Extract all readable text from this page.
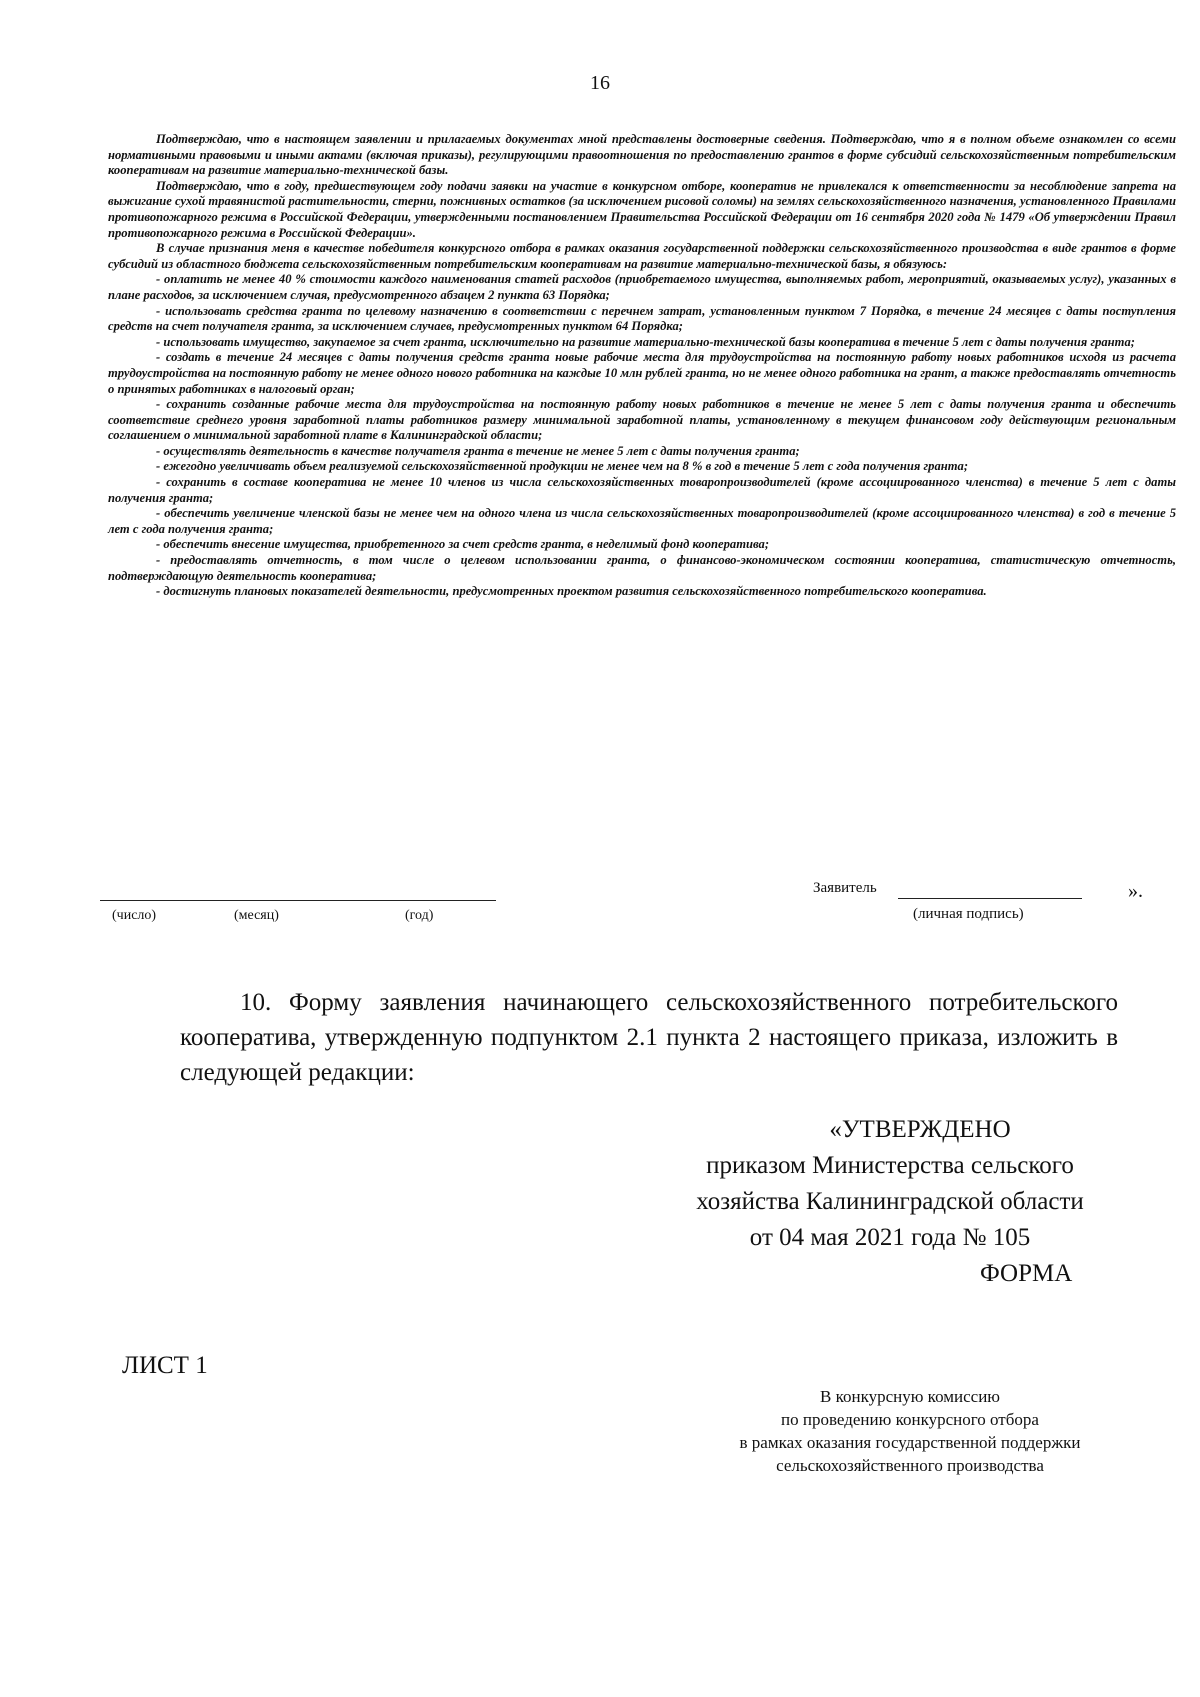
16

Подтверждаю, что в настоящем заявлении и прилагаемых документах мной представлены достоверные сведения. Подтверждаю, что я в полном объеме ознакомлен со всеми нормативными правовыми и иными актами (включая приказы), регулирующими правоотношения по предоставлению грантов в форме субсидий сельскохозяйственным потребительским кооперативам на развитие материально-технической базы.

Подтверждаю, что в году, предшествующем году подачи заявки на участие в конкурсном отборе, кооператив не привлекался к ответственности за несоблюдение запрета на выжигание сухой травянистой растительности, стерни, пожнивных остатков (за исключением рисовой соломы) на землях сельскохозяйственного назначения, установленного Правилами противопожарного режима в Российской Федерации, утвержденными постановлением Правительства Российской Федерации от 16 сентября 2020 года № 1479 «Об утверждении Правил противопожарного режима в Российской Федерации».

В случае признания меня в качестве победителя конкурсного отбора в рамках оказания государственной поддержки сельскохозяйственного производства в виде грантов в форме субсидий из областного бюджета сельскохозяйственным потребительским кооперативам на развитие материально-технической базы, я обязуюсь:

- оплатить не менее 40 % стоимости каждого наименования статей расходов (приобретаемого имущества, выполняемых работ, мероприятий, оказываемых услуг), указанных в плане расходов, за исключением случая, предусмотренного абзацем 2 пункта 63 Порядка;

- использовать средства гранта по целевому назначению в соответствии с перечнем затрат, установленным пунктом 7 Порядка, в течение 24 месяцев с даты поступления средств на счет получателя гранта, за исключением случаев, предусмотренных пунктом 64 Порядка;

- использовать имущество, закупаемое за счет гранта, исключительно на развитие материально-технической базы кооператива в течение 5 лет с даты получения гранта;

- создать в течение 24 месяцев с даты получения средств гранта новые рабочие места для трудоустройства на постоянную работу новых работников исходя из расчета трудоустройства на постоянную работу не менее одного нового работника на каждые 10 млн рублей гранта, но не менее одного работника на грант, а также предоставлять отчетность о принятых работниках в налоговый орган;

- сохранить созданные рабочие места для трудоустройства на постоянную работу новых работников в течение не менее 5 лет с даты получения гранта и обеспечить соответствие среднего уровня заработной платы работников размеру минимальной заработной платы, установленному в текущем финансовом году действующим региональным соглашением о минимальной заработной плате в Калининградской области;

- осуществлять деятельность в качестве получателя гранта в течение не менее 5 лет с даты получения гранта;

- ежегодно увеличивать объем реализуемой сельскохозяйственной продукции не менее чем на 8 % в год в течение 5 лет с года получения гранта;

- сохранить в составе кооператива не менее 10 членов из числа сельскохозяйственных товаропроизводителей (кроме ассоциированного членства) в течение 5 лет с даты получения гранта;

- обеспечить увеличение членской базы не менее чем на одного члена из числа сельскохозяйственных товаропроизводителей (кроме ассоциированного членства) в год в течение 5 лет с года получения гранта;

- обеспечить внесение имущества, приобретенного за счет средств гранта, в неделимый фонд кооператива;

- предоставлять отчетность, в том числе о целевом использовании гранта, о финансово-экономическом состоянии кооператива, статистическую отчетность, подтверждающую деятельность кооператива;

- достигнуть плановых показателей деятельности, предусмотренных проектом развития сельскохозяйственного потребительского кооператива.

(число)	(месяц)	(год)
Заявитель
(личная подпись)
».

10. Форму заявления начинающего сельскохозяйственного потребительского кооператива, утвержденную подпунктом 2.1 пункта 2 настоящего приказа, изложить в следующей редакции:

«УТВЕРЖДЕНО
приказом Министерства сельского
хозяйства Калининградской области
от 04 мая 2021 года № 105
ФОРМА
ЛИСТ 1
В конкурсную комиссию
по проведению конкурсного отбора
в рамках оказания государственной поддержки
сельскохозяйственного производства
